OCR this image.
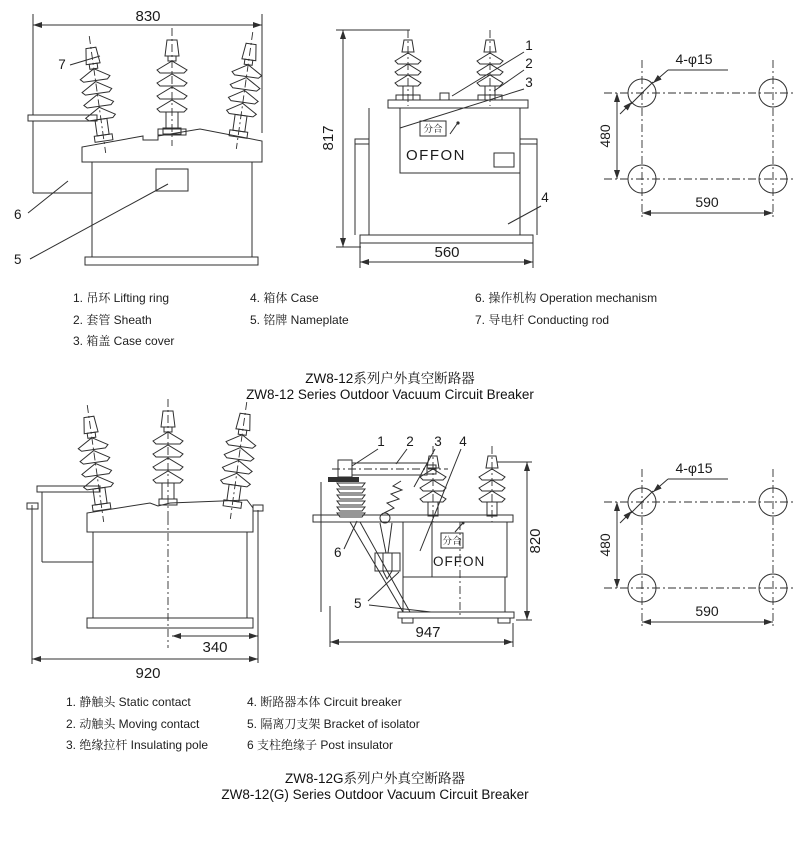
830
7
6
5
817	分合
OFFON
560
1
2
3
4
4-φ15
480
590
340
920
1 2 3 4
6
5
分合
OFFON
820
947
4-φ15
480
590
1. 吊环 Lifting ring
2. 套管 Sheath
3. 箱盖 Case cover
4. 箱体 Case
5. 铭牌 Nameplate
6. 操作机构 Operation mechanism
7. 导电杆 Conducting rod
ZW8-12系列户外真空断路器
ZW8-12 Series Outdoor Vacuum Circuit Breaker
1. 静触头 Static contact
2. 动触头 Moving contact
3. 绝缘拉杆 Insulating pole
4. 断路器本体 Circuit breaker
5. 隔离刀支架 Bracket of isolator
6 支柱绝缘子 Post insulator
ZW8-12G系列户外真空断路器
ZW8-12(G) Series Outdoor Vacuum Circuit Breaker
